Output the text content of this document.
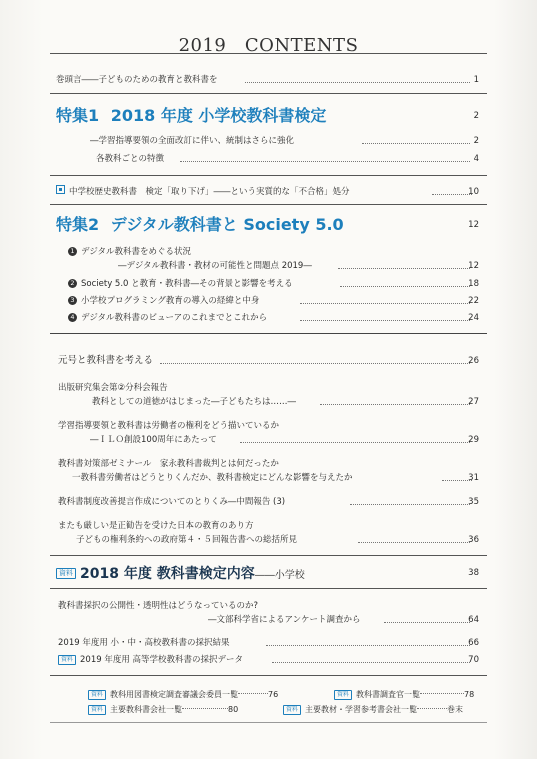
2019　CONTENTS
巻頭言――子どものための教育と教科書を	1
特集1 2018 年度 小学校教科書検定	2
―学習指導要領の全面改訂に伴い、統制はさらに強化	2
各教科ごとの特徴	4
中学校歴史教科書　検定「取り下げ」――という実質的な「不合格」処分	10
特集2 デジタル教科書と Society 5.0	12
1 デジタル教科書をめぐる状況
―デジタル教科書・教材の可能性と問題点 2019―	12
2 Society 5.0 と教育・教科書―その背景と影響を考える	18
3 小学校プログラミング教育の導入の経緯と中身	22
4 デジタル教科書のビューアのこれまでとこれから	24
元号と教科書を考える	26
出版研究集会第②分科会報告
教科としての道徳がはじまった―子どもたちは……―	27
学習指導要領と教科書は労働者の権利をどう描いているか
―ＩＬＯ創設100周年にあたって	29
教科書対策部ゼミナール　家永教科書裁判とは何だったか
一教科書労働者はどうとりくんだか、教科書検定にどんな影響を与えたか	31
教科書制度改善提言作成についてのとりくみ―中間報告 (3)	35
またも厳しい是正勧告を受けた日本の教育のあり方
子どもの権利条約への政府第４・５回報告書への総括所見	36
資料 2018 年度 教科書検定内容――小学校	38
教科書採択の公開性・透明性はどうなっているのか?
―文部科学省によるアンケート調査から	64
2019 年度用 小・中・高校教科書の採択結果	66
資料 2019 年度用 高等学校教科書の採択データ	70
資料 教科用図書検定調査審議会委員一覧	76	資料 教科書調査官一覧	78
資料 主要教科書会社一覧	80	資料 主要教材・学習参考書会社一覧	巻末
